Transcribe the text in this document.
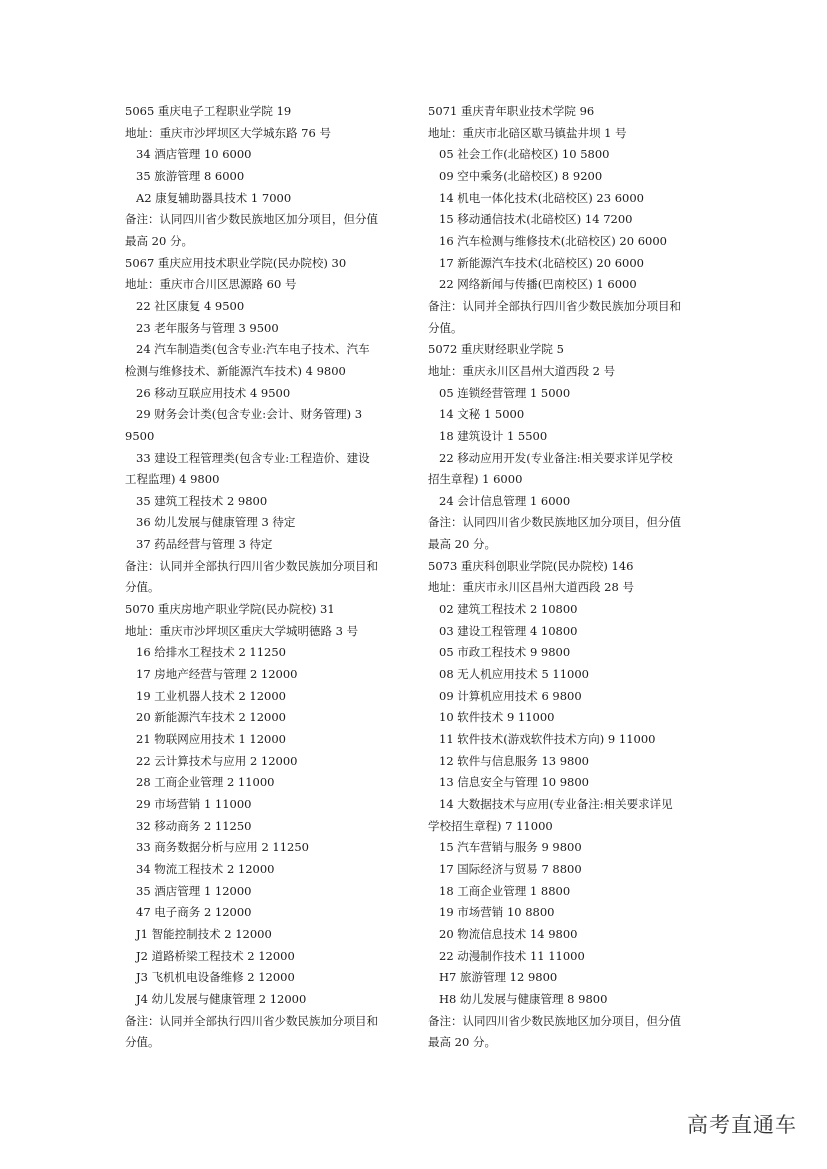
5065 重庆电子工程职业学院 19
地址：重庆市沙坪坝区大学城东路 76 号
34 酒店管理 10 6000
35 旅游管理 8 6000
A2 康复辅助器具技术 1 7000
备注：认同四川省少数民族地区加分项目，但分值
最高 20 分。
5067 重庆应用技术职业学院(民办院校) 30
地址：重庆市合川区思源路 60 号
22 社区康复 4 9500
23 老年服务与管理 3 9500
24 汽车制造类(包含专业:汽车电子技术、汽车
检测与维修技术、新能源汽车技术) 4 9800
26 移动互联应用技术 4 9500
29 财务会计类(包含专业:会计、财务管理) 3
9500
33 建设工程管理类(包含专业:工程造价、建设
工程监理) 4 9800
35 建筑工程技术 2 9800
36 幼儿发展与健康管理 3 待定
37 药品经营与管理 3 待定
备注：认同并全部执行四川省少数民族加分项目和
分值。
5070 重庆房地产职业学院(民办院校) 31
地址：重庆市沙坪坝区重庆大学城明德路 3 号
16 给排水工程技术 2 11250
17 房地产经营与管理 2 12000
19 工业机器人技术 2 12000
20 新能源汽车技术 2 12000
21 物联网应用技术 1 12000
22 云计算技术与应用 2 12000
28 工商企业管理 2 11000
29 市场营销 1 11000
32 移动商务 2 11250
33 商务数据分析与应用 2 11250
34 物流工程技术 2 12000
35 酒店管理 1 12000
47 电子商务 2 12000
J1 智能控制技术 2 12000
J2 道路桥梁工程技术 2 12000
J3 飞机机电设备维修 2 12000
J4 幼儿发展与健康管理 2 12000
备注：认同并全部执行四川省少数民族加分项目和
分值。
5071 重庆青年职业技术学院 96
地址：重庆市北碚区歇马镇盐井坝 1 号
05 社会工作(北碚校区) 10 5800
09 空中乘务(北碚校区) 8 9200
14 机电一体化技术(北碚校区) 23 6000
15 移动通信技术(北碚校区) 14 7200
16 汽车检测与维修技术(北碚校区) 20 6000
17 新能源汽车技术(北碚校区) 20 6000
22 网络新闻与传播(巴南校区) 1 6000
备注：认同并全部执行四川省少数民族加分项目和
分值。
5072 重庆财经职业学院 5
地址：重庆永川区昌州大道西段 2 号
05 连锁经营管理 1 5000
14 文秘 1 5000
18 建筑设计 1 5500
22 移动应用开发(专业备注:相关要求详见学校
招生章程) 1 6000
24 会计信息管理 1 6000
备注：认同四川省少数民族地区加分项目，但分值
最高 20 分。
5073 重庆科创职业学院(民办院校) 146
地址：重庆市永川区昌州大道西段 28 号
02 建筑工程技术 2 10800
03 建设工程管理 4 10800
05 市政工程技术 9 9800
08 无人机应用技术 5 11000
09 计算机应用技术 6 9800
10 软件技术 9 11000
11 软件技术(游戏软件技术方向) 9 11000
12 软件与信息服务 13 9800
13 信息安全与管理 10 9800
14 大数据技术与应用(专业备注:相关要求详见
学校招生章程) 7 11000
15 汽车营销与服务 9 9800
17 国际经济与贸易 7 8800
18 工商企业管理 1 8800
19 市场营销 10 8800
20 物流信息技术 14 9800
22 动漫制作技术 11 11000
H7 旅游管理 12 9800
H8 幼儿发展与健康管理 8 9800
备注：认同四川省少数民族地区加分项目，但分值
最高 20 分。
高考直通车
